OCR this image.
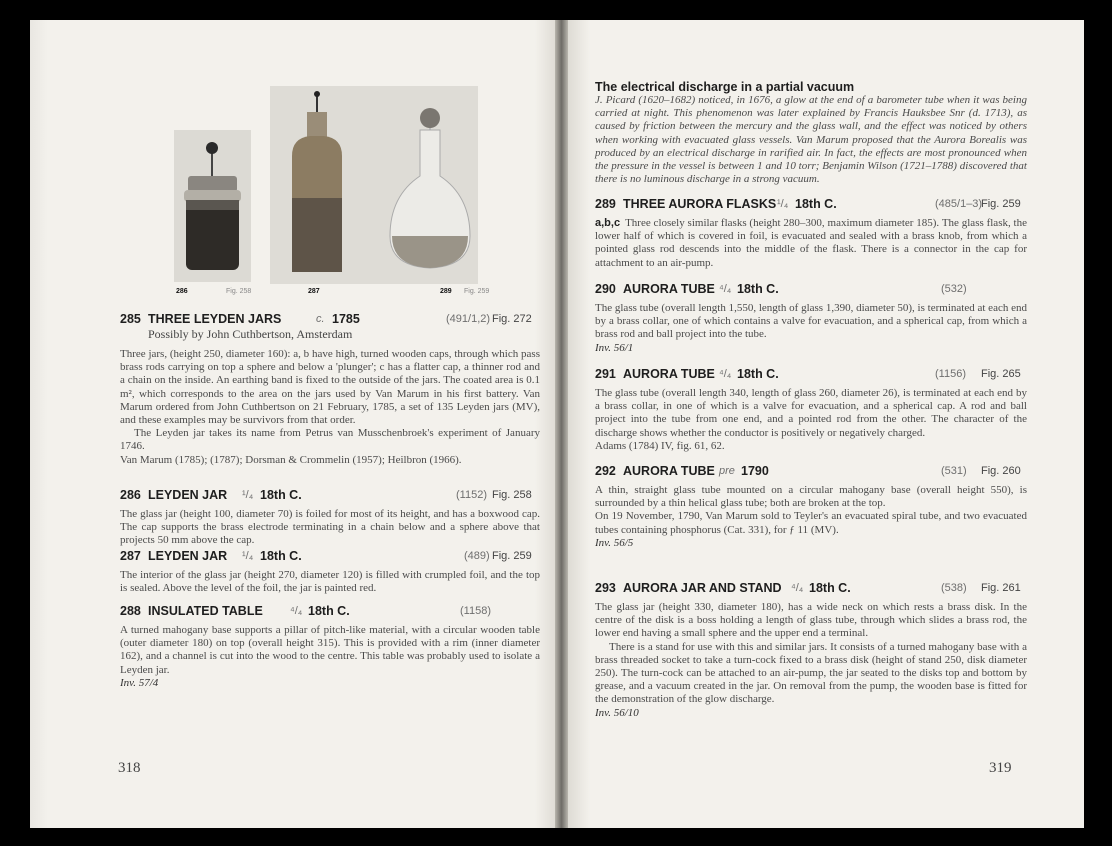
286	Fig. 258	287	289 Fig. 259
285 THREE LEYDEN JARS	c. 1785	(491/1,2) Fig. 272
Possibly by John Cuthbertson, Amsterdam

Three jars, (height 250, diameter 160): a, b have high, turned wooden caps, through which pass brass rods carrying on top a sphere and below a 'plunger'; c has a flatter cap, a thinner rod and a chain on the inside. An earthing band is fixed to the outside of the jars. The coated area is 0.1 m², which corresponds to the area on the jars used by Van Marum in his first battery. Van Marum ordered from John Cuthbertson on 21 February, 1785, a set of 135 Leyden jars (MV), and these examples may be survivors from that order.

The Leyden jar takes its name from Petrus van Musschenbroek's experiment of January 1746.

Van Marum (1785); (1787); Dorsman & Crommelin (1957); Heilbron (1966).

286 LEYDEN JAR ¹/₄ 18th C.	(1152) Fig. 258

The glass jar (height 100, diameter 70) is foiled for most of its height, and has a boxwood cap. The cap supports the brass electrode terminating in a chain below and a sphere above that projects 50 mm above the cap.

287 LEYDEN JAR ¹/₄ 18th C.	(489) Fig. 259

The interior of the glass jar (height 270, diameter 120) is filled with crumpled foil, and the top is sealed. Above the level of the foil, the jar is painted red.

288 INSULATED TABLE ⁴/₄ 18th C.	(1158)

A turned mahogany base supports a pillar of pitch-like material, with a circular wooden table (outer diameter 180) on top (overall height 315). This is provided with a rim (inner diameter 162), and a channel is cut into the wood to the centre. This table was probably used to isolate a Leyden jar.

Inv. 57/4
318
The electrical discharge in a partial vacuum
J. Picard (1620–1682) noticed, in 1676, a glow at the end of a barometer tube when it was being carried at night. This phenomenon was later explained by Francis Hauksbee Snr (d. 1713), as caused by friction between the mercury and the glass wall, and the effect was noticed by others when working with evacuated glass vessels. Van Marum proposed that the Aurora Borealis was produced by an electrical discharge in rarified air. In fact, the effects are most pronounced when the pressure in the vessel is between 1 and 10 torr; Benjamin Wilson (1721–1788) discovered that there is no luminous discharge in a strong vacuum.
289 THREE AURORA FLASKS ¹/₄ 18th C.	(485/1–3)
Fig. 259

a,b,c Three closely similar flasks (height 280–300, maximum diameter 185). The glass flask, the lower half of which is covered in foil, is evacuated and sealed with a brass knob, from which a pointed glass rod descends into the middle of the flask. There is a connector in the cap for attachment to an air-pump.

290 AURORA TUBE ⁴/₄ 18th C.	(532)

The glass tube (overall length 1,550, length of glass 1,390, diameter 50), is terminated at each end by a brass collar, one of which contains a valve for evacuation, and a spherical cap, from which a brass rod and ball project into the tube.

Inv. 56/1
291 AURORA TUBE ⁴/₄ 18th C.	(1156) Fig. 265

The glass tube (overall length 340, length of glass 260, diameter 26), is terminated at each end by a brass collar, in one of which is a valve for evacuation, and a spherical cap. A rod and ball project into the tube from one end, and a pointed rod from the other. The character of the discharge shows whether the conductor is positively or negatively charged.

Adams (1784) IV, fig. 61, 62.

292 AURORA TUBE pre 1790	(531) Fig. 260

A thin, straight glass tube mounted on a circular mahogany base (overall height 550), is surrounded by a thin helical glass tube; both are broken at the top.

On 19 November, 1790, Van Marum sold to Teyler's an evacuated spiral tube, and two evacuated tubes containing phosphorus (Cat. 331), for ƒ 11 (MV).

Inv. 56/5
293 AURORA JAR AND STAND ⁴/₄ 18th C.	(538) Fig. 261

The glass jar (height 330, diameter 180), has a wide neck on which rests a brass disk. In the centre of the disk is a boss holding a length of glass tube, through which slides a brass rod, the lower end having a small sphere and the upper end a terminal.

There is a stand for use with this and similar jars. It consists of a turned mahogany base with a brass threaded socket to take a turn-cock fixed to a brass disk (height of stand 250, disk diameter 250). The turn-cock can be attached to an air-pump, the jar seated to the disks top and bottom by grease, and a vacuum created in the jar. On removal from the pump, the wooden base is fitted for the demonstration of the glow discharge.

Inv. 56/10
319
